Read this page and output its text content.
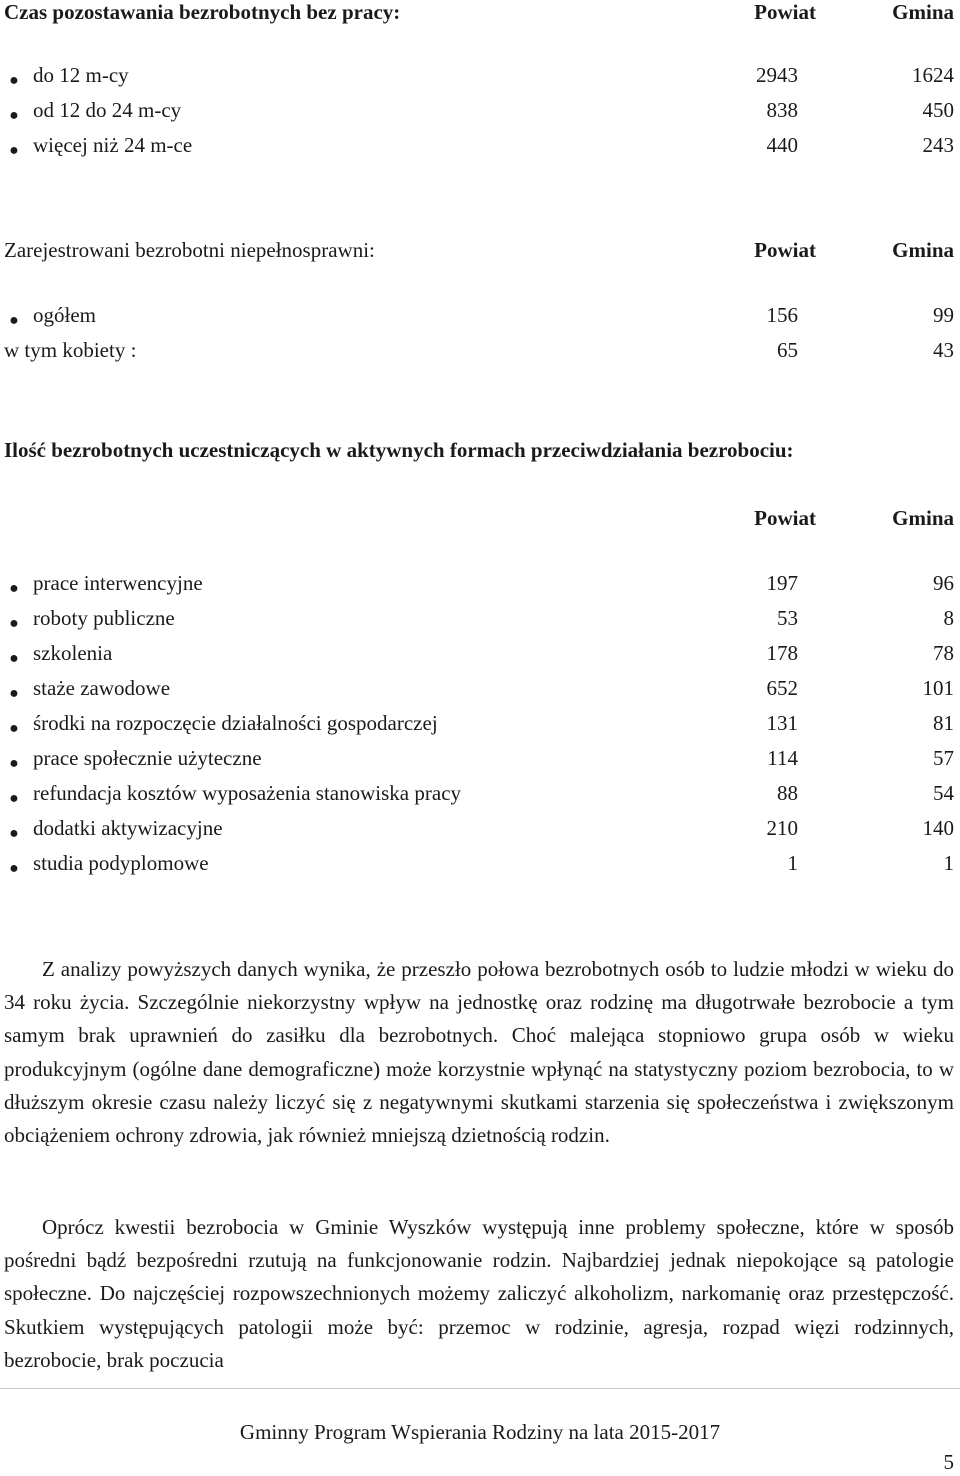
Czas pozostawania bezrobotnych bez pracy:	Powiat	Gmina
● do 12 m-cy	2943	1624
● od 12 do 24 m-cy	838	450
● więcej niż 24 m-ce	440	243
Zarejestrowani bezrobotni niepełnosprawni:	Powiat	Gmina
● ogółem	156	99
w tym kobiety :	65	43
Ilość bezrobotnych uczestniczących w aktywnych formach przeciwdziałania bezrobociu:
Powiat	Gmina
● prace interwencyjne	197	96
● roboty publiczne	53	8
● szkolenia	178	78
● staże zawodowe	652	101
● środki na rozpoczęcie działalności gospodarczej	131	81
● prace społecznie użyteczne	114	57
● refundacja kosztów wyposażenia stanowiska pracy	88	54
● dodatki aktywizacyjne	210	140
● studia podyplomowe	1	1
Z analizy powyższych danych wynika, że przeszło połowa bezrobotnych osób to ludzie młodzi w wieku do 34 roku życia. Szczególnie niekorzystny wpływ na jednostkę oraz rodzinę ma długotrwałe bezrobocie a tym samym brak uprawnień do zasiłku dla bezrobotnych. Choć malejąca stopniowo grupa osób w wieku produkcyjnym (ogólne dane demograficzne) może korzystnie wpłynąć na statystyczny poziom bezrobocia, to w dłuższym okresie czasu należy liczyć się z negatywnymi skutkami starzenia się społeczeństwa i zwiększonym obciążeniem ochrony zdrowia, jak również mniejszą dzietnością rodzin.
Oprócz kwestii bezrobocia w Gminie Wyszków występują inne problemy społeczne, które w sposób pośredni bądź bezpośredni rzutują na funkcjonowanie rodzin. Najbardziej jednak niepokojące są patologie społeczne. Do najczęściej rozpowszechnionych możemy zaliczyć alkoholizm, narkomanię oraz przestępczość. Skutkiem występujących patologii może być: przemoc w rodzinie, agresja, rozpad więzi rodzinnych, bezrobocie, brak poczucia
Gminny Program Wspierania Rodziny na lata 2015-2017
5
